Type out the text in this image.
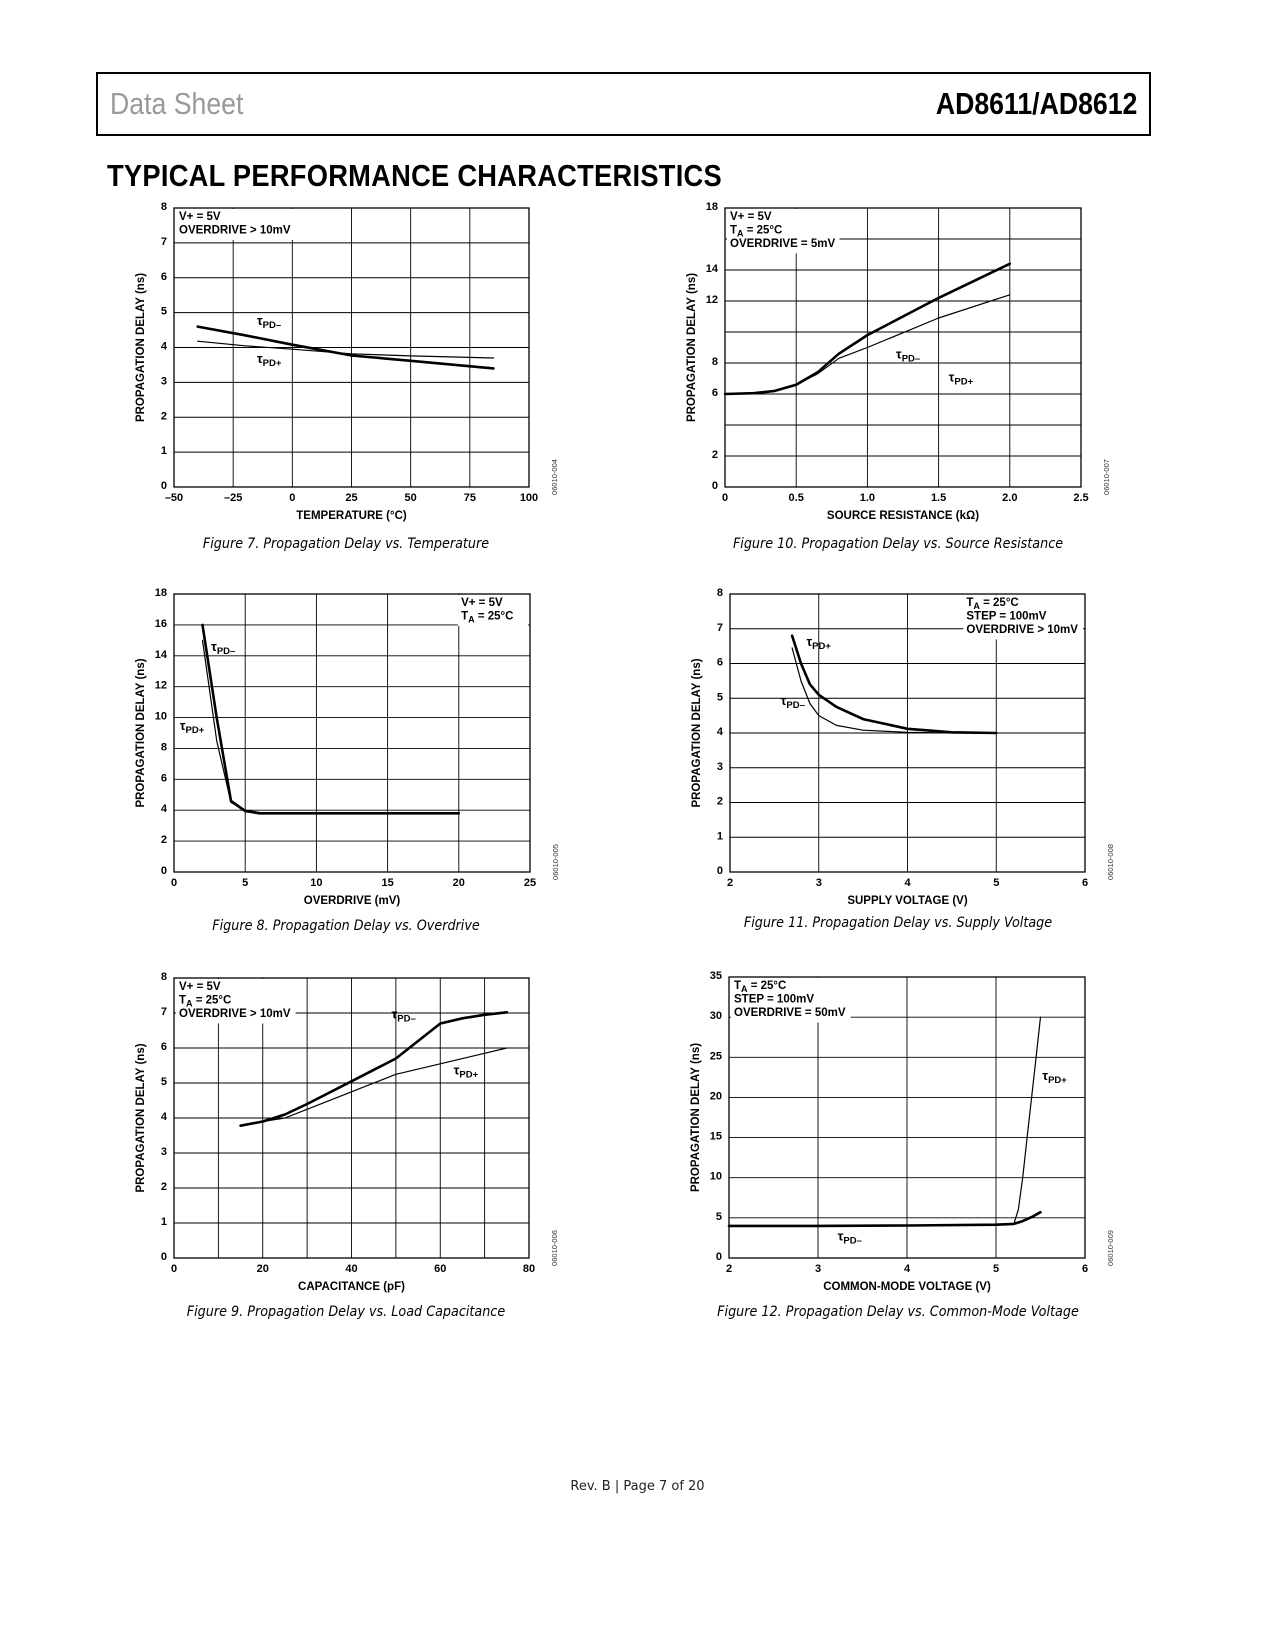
Data Sheet	AD8611/AD8612
TYPICAL PERFORMANCE CHARACTERISTICS
V+ = 5V
OVERDRIVE > 10mV
–50	–25	0	25	50	75	100
0
1
2
3
4
5
6
7
8
TEMPERATURE (°C)
PROPAGATION DELAY (ns)
06010-004
$\tau_{PD-}$
$\tau_{PD+}$
Figure 7. Propagation Delay vs. Temperature
V+ = 5V
$T_A = 25^\circ C$
OVERDRIVE = 5mV
0	0.5	1.0	1.5	2.0	2.5
0
2
6
8
12
14
18
SOURCE RESISTANCE (kΩ)
PROPAGATION DELAY (ns)
06010-007
$\tau_{PD-}$
$\tau_{PD+}$
Figure 10. Propagation Delay vs. Source Resistance
V+ = 5V
$T_A = 25^\circ C$
0	5	10	15	20	25
0
2
4
6
8
10
12
14
16
18
OVERDRIVE (mV)
PROPAGATION DELAY (ns)
06010-005
$\tau_{PD-}$
$\tau_{PD+}$
Figure 8. Propagation Delay vs. Overdrive
$T_A = 25^\circ C$
STEP = 100mV
OVERDRIVE > 10mV
2	3	4	5	6
0
1
2
3
4
5
6
7
8
SUPPLY VOLTAGE (V)
PROPAGATION DELAY (ns)
06010-008
$\tau_{PD+}$
$\tau_{PD-}$
Figure 11. Propagation Delay vs. Supply Voltage
V+ = 5V
$T_A = 25^\circ C$
OVERDRIVE > 10mV
0	20	40	60	80
0
1
2
3
4
5
6
7
8
CAPACITANCE (pF)
PROPAGATION DELAY (ns)
06010-006
$\tau_{PD-}$
$\tau_{PD+}$
Figure 9. Propagation Delay vs. Load Capacitance
$T_A = 25^\circ C$
STEP = 100mV
OVERDRIVE = 50mV
2	3	4	5	6
0
5
10
15
20
25
30
35
COMMON-MODE VOLTAGE (V)
PROPAGATION DELAY (ns)
06010-009
$\tau_{PD-}$
$\tau_{PD+}$
Figure 12. Propagation Delay vs. Common-Mode Voltage
Rev. B | Page 7 of 20
